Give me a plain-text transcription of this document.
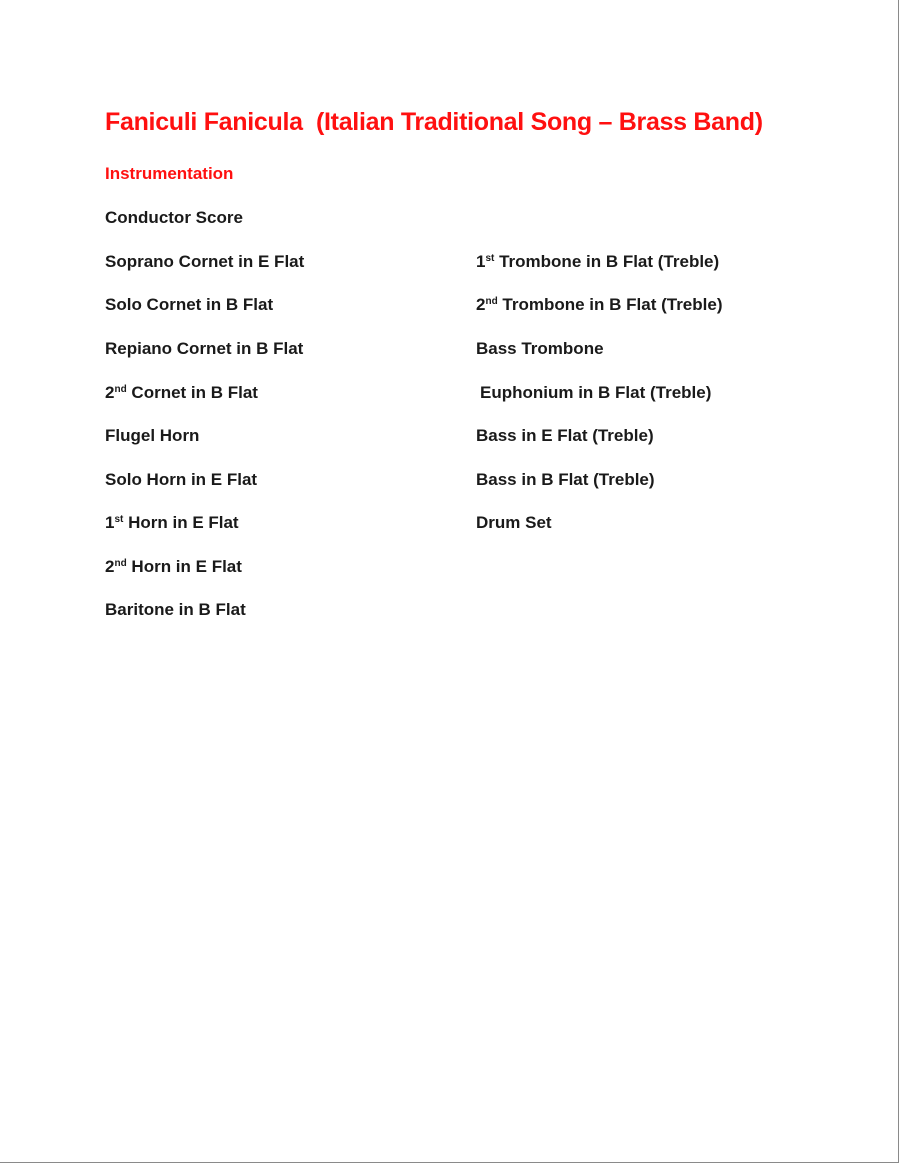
Faniculi Fanicula  (Italian Traditional Song – Brass Band)
Instrumentation
Conductor Score
Soprano Cornet in E Flat
Solo Cornet in B Flat
Repiano Cornet in B Flat
2nd Cornet in B Flat
Flugel Horn
Solo Horn in E Flat
1st Horn in E Flat
2nd Horn in E Flat
Baritone in B Flat
1st Trombone in B Flat (Treble)
2nd Trombone in B Flat (Treble)
Bass Trombone
Euphonium in B Flat (Treble)
Bass in E Flat (Treble)
Bass in B Flat (Treble)
Drum Set
